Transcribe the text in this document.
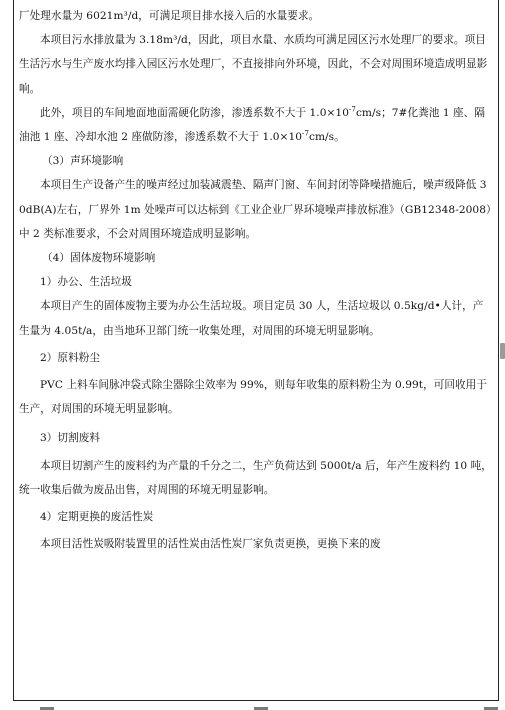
厂处理水量为 6021m³/d，可满足项目排水接入后的水量要求。

本项目污水排放量为 3.18m³/d，因此，项目水量、水质均可满足园区污水处理厂的要求。项目生活污水与生产废水均排入园区污水处理厂，不直接排向外环境，因此，不会对周围环境造成明显影响。

此外，项目的车间地面地面需硬化防渗，渗透系数不大于 $1.0\times 10^{-7}cm/s$；7#化粪池 1 座、隔油池 1 座、冷却水池 2 座做防渗，渗透系数不大于 $1.0\times 10^{-7}cm/s$。

（3）声环境影响

本项目生产设备产生的噪声经过加装减震垫、隔声门窗、车间封闭等降噪措施后，噪声级降低 30dB(A)左右，厂界外 1m 处噪声可以达标到《工业企业厂界环境噪声排放标准》（GB12348-2008）中 2 类标准要求，不会对周围环境造成明显影响。

（4）固体废物环境影响

1）办公、生活垃圾

本项目产生的固体废物主要为办公生活垃圾。项目定员 30 人，生活垃圾以 0.5kg/d•人计，产生量为 4.05t/a，由当地环卫部门统一收集处理，对周围的环境无明显影响。

2）原料粉尘

PVC 上料车间脉冲袋式除尘器除尘效率为 99%，则每年收集的原料粉尘为 0.99t，可回收用于生产，对周围的环境无明显影响。

3）切割废料

本项目切割产生的废料约为产量的千分之二，生产负荷达到 5000t/a 后，年产生废料约 10 吨，统一收集后做为废品出售，对周围的环境无明显影响。

4）定期更换的废活性炭

本项目活性炭吸附装置里的活性炭由活性炭厂家负责更换，更换下来的废
